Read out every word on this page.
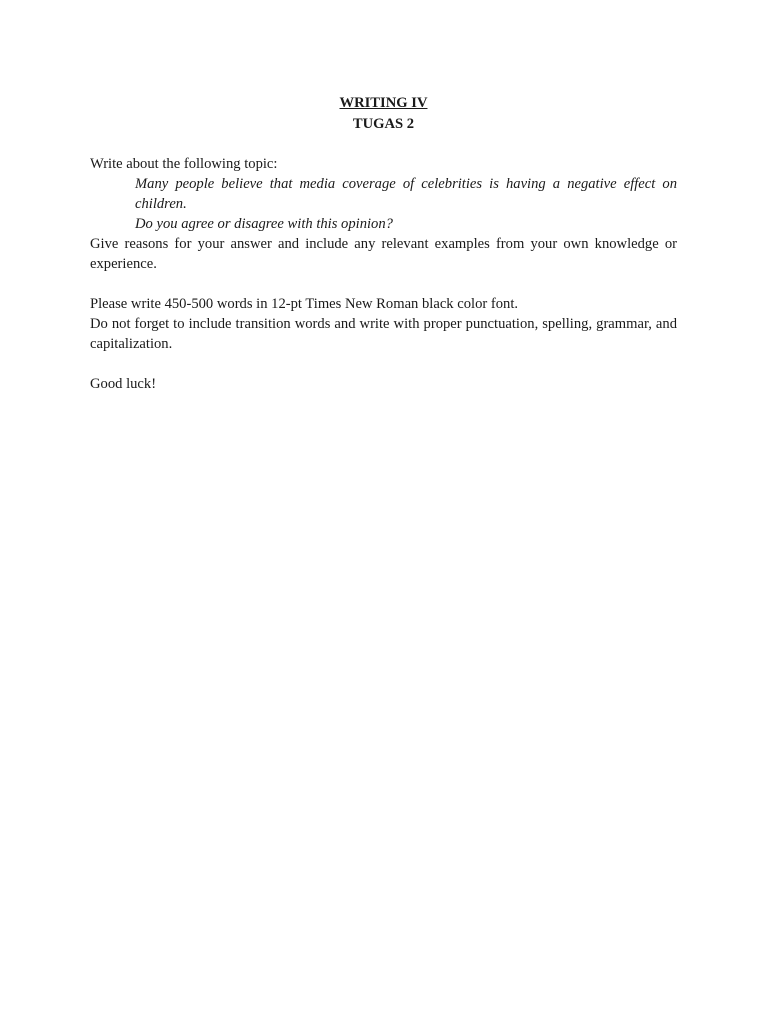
WRITING IV
TUGAS 2

Write about the following topic:

Many people believe that media coverage of celebrities is having a negative effect on children.

Do you agree or disagree with this opinion?

Give reasons for your answer and include any relevant examples from your own knowledge or experience.

Please write 450-500 words in 12-pt Times New Roman black color font.

Do not forget to include transition words and write with proper punctuation, spelling, grammar, and capitalization.

Good luck!
